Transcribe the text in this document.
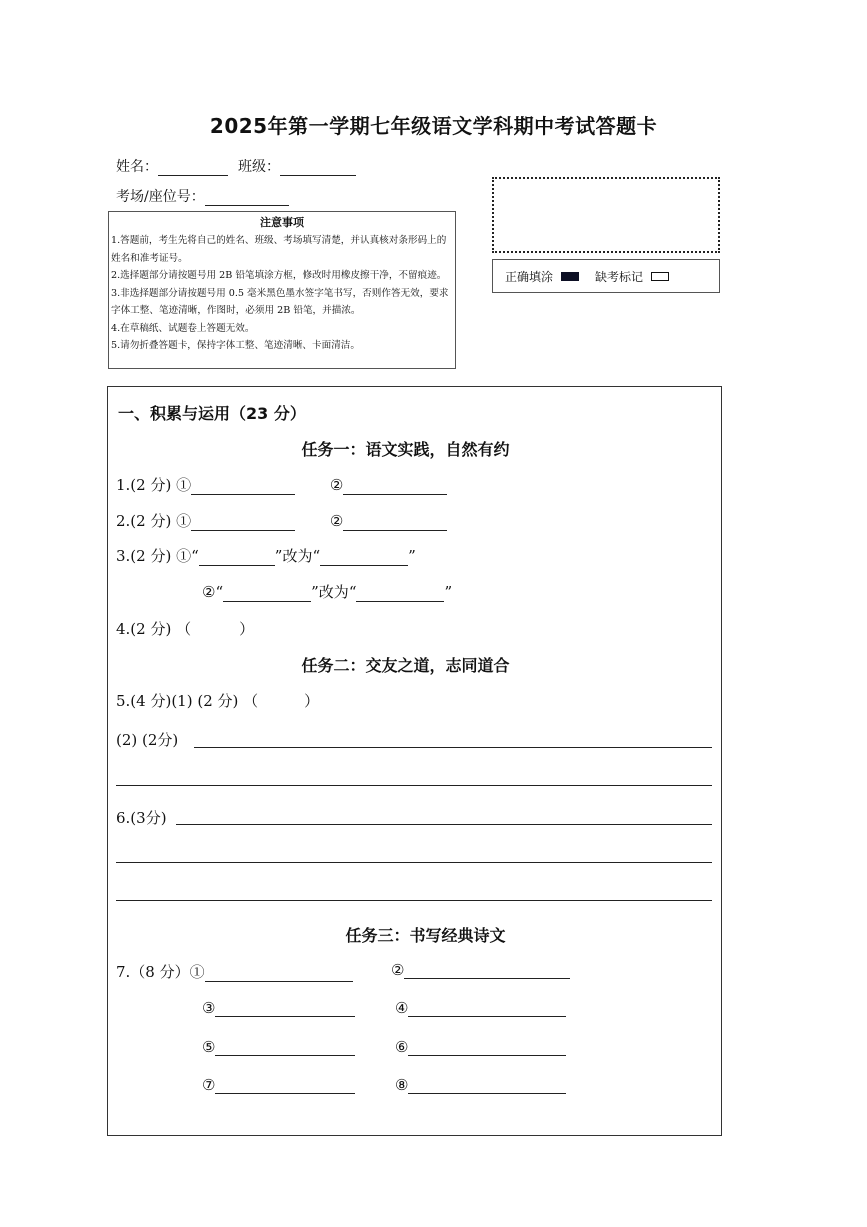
2025年第一学期七年级语文学科期中考试答题卡
姓名：	班级：
考场/座位号：
注意事项
1.答题前，考生先将自己的姓名、班级、考场填写清楚，并认真核对条形码上的姓名和准考证号。
2.选择题部分请按题号用 2B 铅笔填涂方框，修改时用橡皮擦干净，不留痕迹。
3.非选择题部分请按题号用 0.5 毫米黑色墨水签字笔书写，否则作答无效，要求字体工整、笔迹清晰，作图时，必须用 2B 铅笔，并描浓。
4.在草稿纸、试题卷上答题无效。
5.请勿折叠答题卡，保持字体工整、笔迹清晰、卡面清洁。
正确填涂	缺考标记
一、积累与运用（23 分）
任务一：语文实践，自然有约
1.(2 分) ①	②
2.(2 分) ①	②
3.(2 分) ①“	”改为“	”
②“	”改为“	”
4.(2 分) （	）
任务二：交友之道，志同道合
5.(4 分)(1) (2 分) （	）
(2) (2分)
6.(3分)
任务三：书写经典诗文
7.（8 分）①	②
③	④
⑤	⑥
⑦	⑧
